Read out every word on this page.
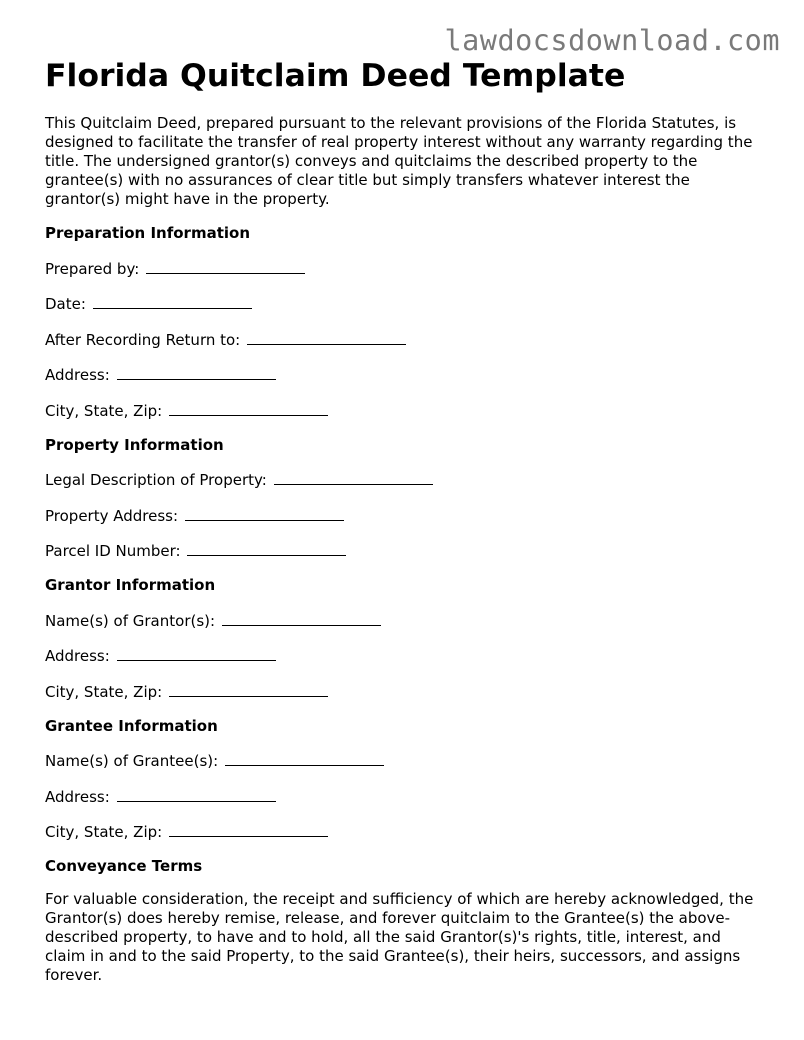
lawdocsdownload.com
Florida Quitclaim Deed Template

This Quitclaim Deed, prepared pursuant to the relevant provisions of the Florida Statutes, is designed to facilitate the transfer of real property interest without any warranty regarding the title. The undersigned grantor(s) conveys and quitclaims the described property to the grantee(s) with no assurances of clear title but simply transfers whatever interest the grantor(s) might have in the property.

Preparation Information
Prepared by:
Date:
After Recording Return to:
Address:
City, State, Zip:
Property Information
Legal Description of Property:
Property Address:
Parcel ID Number:
Grantor Information
Name(s) of Grantor(s):
Address:
City, State, Zip:
Grantee Information
Name(s) of Grantee(s):
Address:
City, State, Zip:
Conveyance Terms

For valuable consideration, the receipt and sufficiency of which are hereby acknowledged, the Grantor(s) does hereby remise, release, and forever quitclaim to the Grantee(s) the above-described property, to have and to hold, all the said Grantor(s)'s rights, title, interest, and claim in and to the said Property, to the said Grantee(s), their heirs, successors, and assigns forever.
